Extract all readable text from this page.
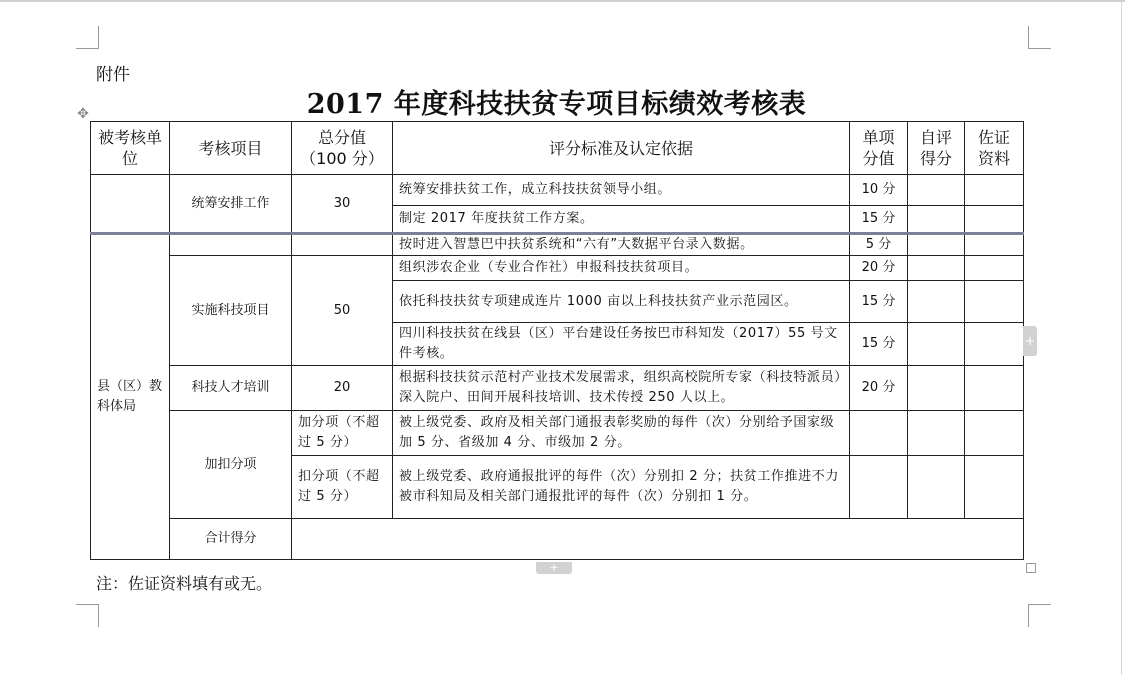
附件
2017 年度科技扶贫专项目标绩效考核表
✥
被考核单　位	考核项目	总分值（100 分）	评分标准及认定依据	单项分值	自评得分	佐证资料
	统筹安排工作	30	统筹安排扶贫工作，成立科技扶贫领导小组。	10 分		
			制定 2017 年度扶贫工作方案。	15 分		
县（区）教科体局			按时进入智慧巴中扶贫系统和“六有”大数据平台录入数据。	5 分		
	实施科技项目	50	组织涉农企业（专业合作社）申报科技扶贫项目。	20 分		
			依托科技扶贫专项建成连片 1000 亩以上科技扶贫产业示范园区。	15 分		
			四川科技扶贫在线县（区）平台建设任务按巴市科知发（2017）55 号文件考核。	15 分		
	科技人才培训	20	根据科技扶贫示范村产业技术发展需求，组织高校院所专家（科技特派员）深入院户、田间开展科技培训、技术传授 250 人以上。	20 分		
	加扣分项	加分项（不超过 5 分）	被上级党委、政府及相关部门通报表彰奖励的每件（次）分别给予国家级加 5 分、省级加 4 分、市级加 2 分。			
		扣分项（不超过 5 分）	被上级党委、政府通报批评的每件（次）分别扣 2 分；扶贫工作推进不力被市科知局及相关部门通报批评的每件（次）分别扣 1 分。			
	合计得分					
+
+
注：佐证资料填有或无。
